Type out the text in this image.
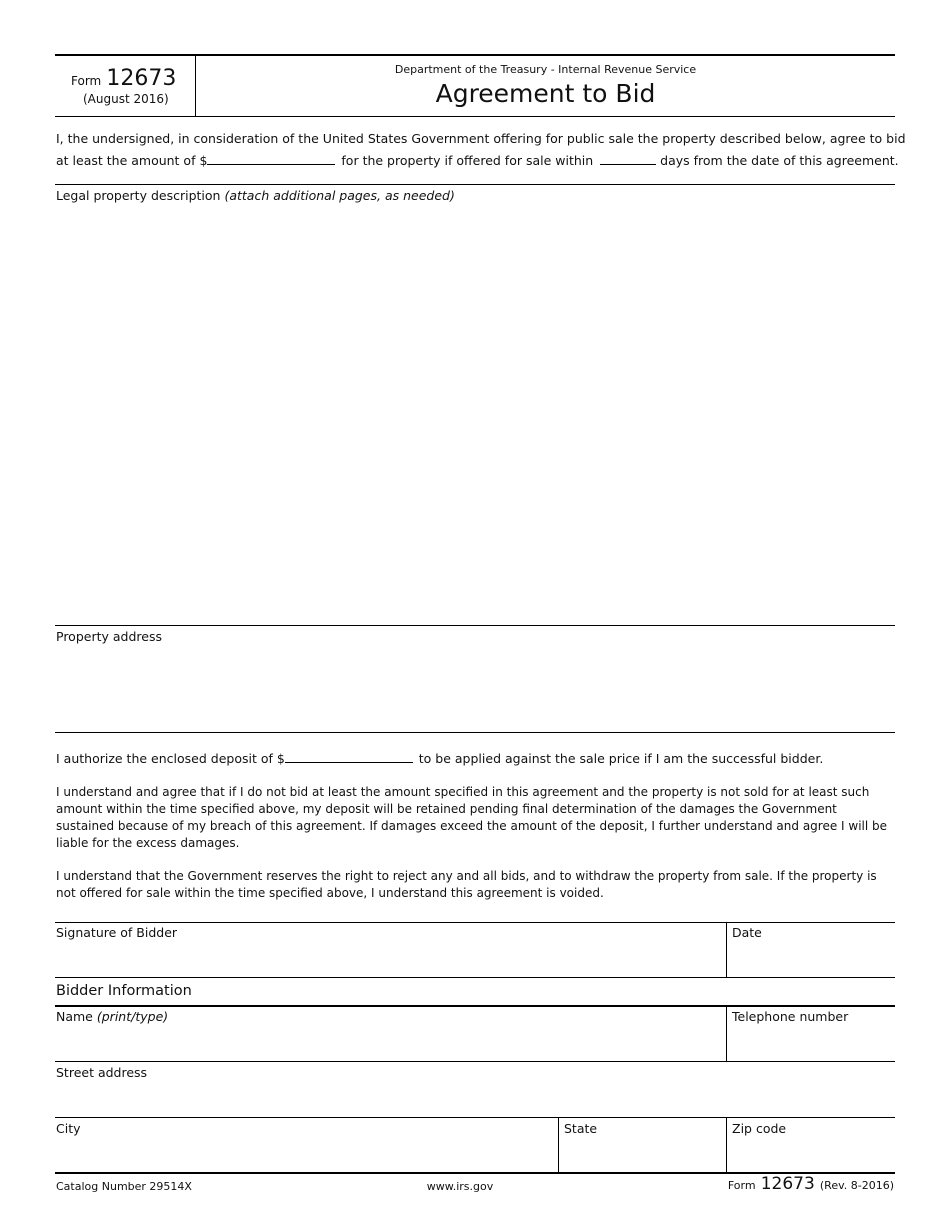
Form 12673
(August 2016)
Department of the Treasury - Internal Revenue Service
Agreement to Bid
I, the undersigned, in consideration of the United States Government offering for public sale the property described below, agree to bid
at least the amount of $	for the property if offered for sale within	days from the date of this agreement.
Legal property description (attach additional pages, as needed)
Property address
I authorize the enclosed deposit of $	to be applied against the sale price if I am the successful bidder.
I understand and agree that if I do not bid at least the amount specified in this agreement and the property is not sold for at least such amount within the time specified above, my deposit will be retained pending final determination of the damages the Government sustained because of my breach of this agreement. If damages exceed the amount of the deposit, I further understand and agree I will be liable for the excess damages.
I understand that the Government reserves the right to reject any and all bids, and to withdraw the property from sale. If the property is not offered for sale within the time specified above, I understand this agreement is voided.
Signature of Bidder	Date
Bidder Information
Name (print/type)	Telephone number
Street address
City	State	Zip code
Catalog Number 29514X	www.irs.gov	Form 12673 (Rev. 8-2016)
